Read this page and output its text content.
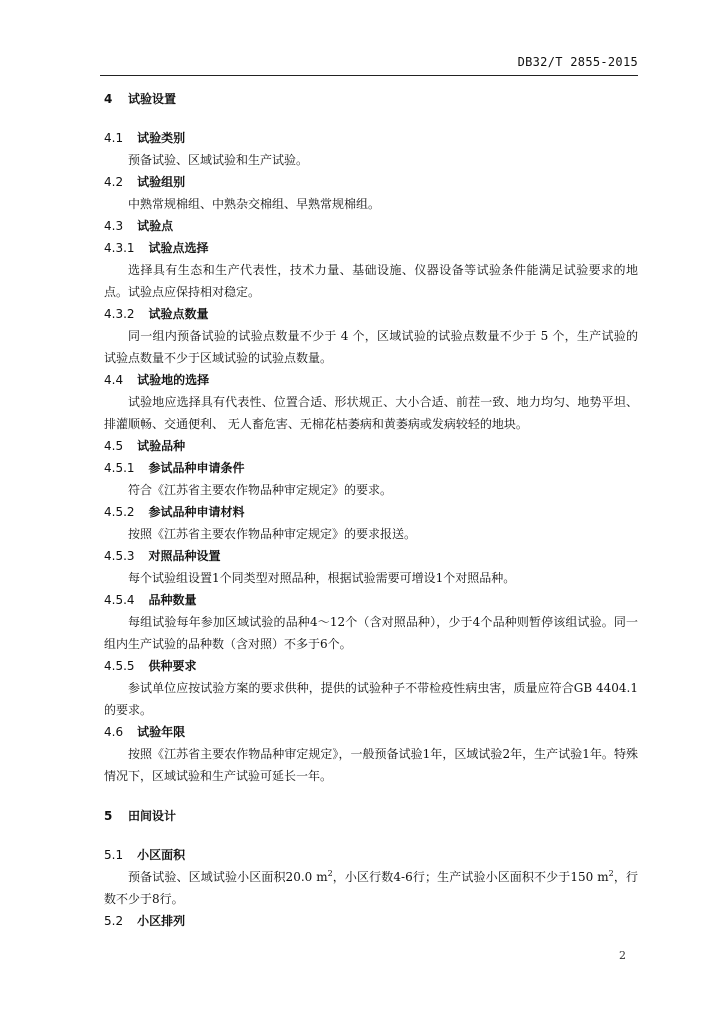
DB32/T 2855-2015
4 试验设置
4.1 试验类别

预备试验、区域试验和生产试验。

4.2 试验组别

中熟常规棉组、中熟杂交棉组、早熟常规棉组。

4.3 试验点
4.3.1 试验点选择

选择具有生态和生产代表性，技术力量、基础设施、仪器设备等试验条件能满足试验要求的地点。试验点应保持相对稳定。

4.3.2 试验点数量

同一组内预备试验的试验点数量不少于 4 个，区域试验的试验点数量不少于 5 个，生产试验的试验点数量不少于区域试验的试验点数量。

4.4 试验地的选择

试验地应选择具有代表性、位置合适、形状规正、大小合适、前茬一致、地力均匀、地势平坦、排灌顺畅、交通便利、 无人畜危害、无棉花枯萎病和黄萎病或发病较轻的地块。

4.5 试验品种
4.5.1 参试品种申请条件

符合《江苏省主要农作物品种审定规定》的要求。

4.5.2 参试品种申请材料

按照《江苏省主要农作物品种审定规定》的要求报送。

4.5.3 对照品种设置

每个试验组设置1个同类型对照品种，根据试验需要可增设1个对照品种。

4.5.4 品种数量

每组试验每年参加区域试验的品种4～12个（含对照品种），少于4个品种则暂停该组试验。同一组内生产试验的品种数（含对照）不多于6个。

4.5.5 供种要求

参试单位应按试验方案的要求供种，提供的试验种子不带检疫性病虫害，质量应符合GB 4404.1的要求。

4.6 试验年限

按照《江苏省主要农作物品种审定规定》，一般预备试验1年，区域试验2年，生产试验1年。特殊情况下，区域试验和生产试验可延长一年。

5 田间设计
5.1 小区面积

预备试验、区域试验小区面积20.0 $m^2$，小区行数4-6行；生产试验小区面积不少于150 $m^2$，行数不少于8行。

5.2 小区排列
2
